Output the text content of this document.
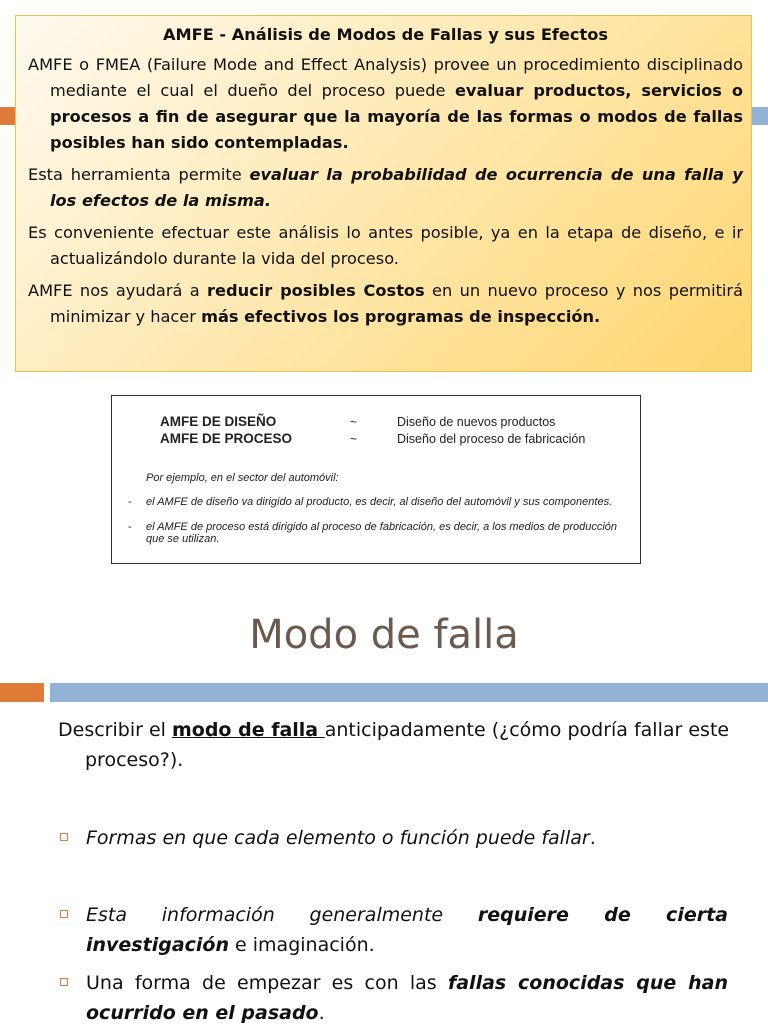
AMFE - Análisis de Modos de Fallas y sus Efectos

AMFE o FMEA (Failure Mode and Effect Analysis) provee un procedimiento disciplinado mediante el cual el dueño del proceso puede evaluar productos, servicios o procesos a fin de asegurar que la mayoría de las formas o modos de fallas posibles han sido contempladas.

Esta herramienta permite evaluar la probabilidad de ocurrencia de una falla y los efectos de la misma.

Es conveniente efectuar este análisis lo antes posible, ya en la etapa de diseño, e ir actualizándolo durante la vida del proceso.

AMFE nos ayudará a reducir posibles Costos en un nuevo proceso y nos permitirá minimizar y hacer más efectivos los programas de inspección.

AMFE DE DISEÑO	~	Diseño de nuevos productos
AMFE DE PROCESO	~	Diseño del proceso de fabricación
Por ejemplo, en el sector del automóvil:
-	el AMFE de diseño va dirigido al producto, es decir, al diseño del automóvil y sus componentes.
-	el AMFE de proceso está dirigido al proceso de fabricación, es decir, a los medios de producción que se utilizan.
Modo de falla
Describir el modo de falla anticipadamente (¿cómo podría fallar este proceso?).
Formas en que cada elemento o función puede fallar.
Esta información generalmente requiere de cierta investigación e imaginación.
Una forma de empezar es con las fallas conocidas que han ocurrido en el pasado.
